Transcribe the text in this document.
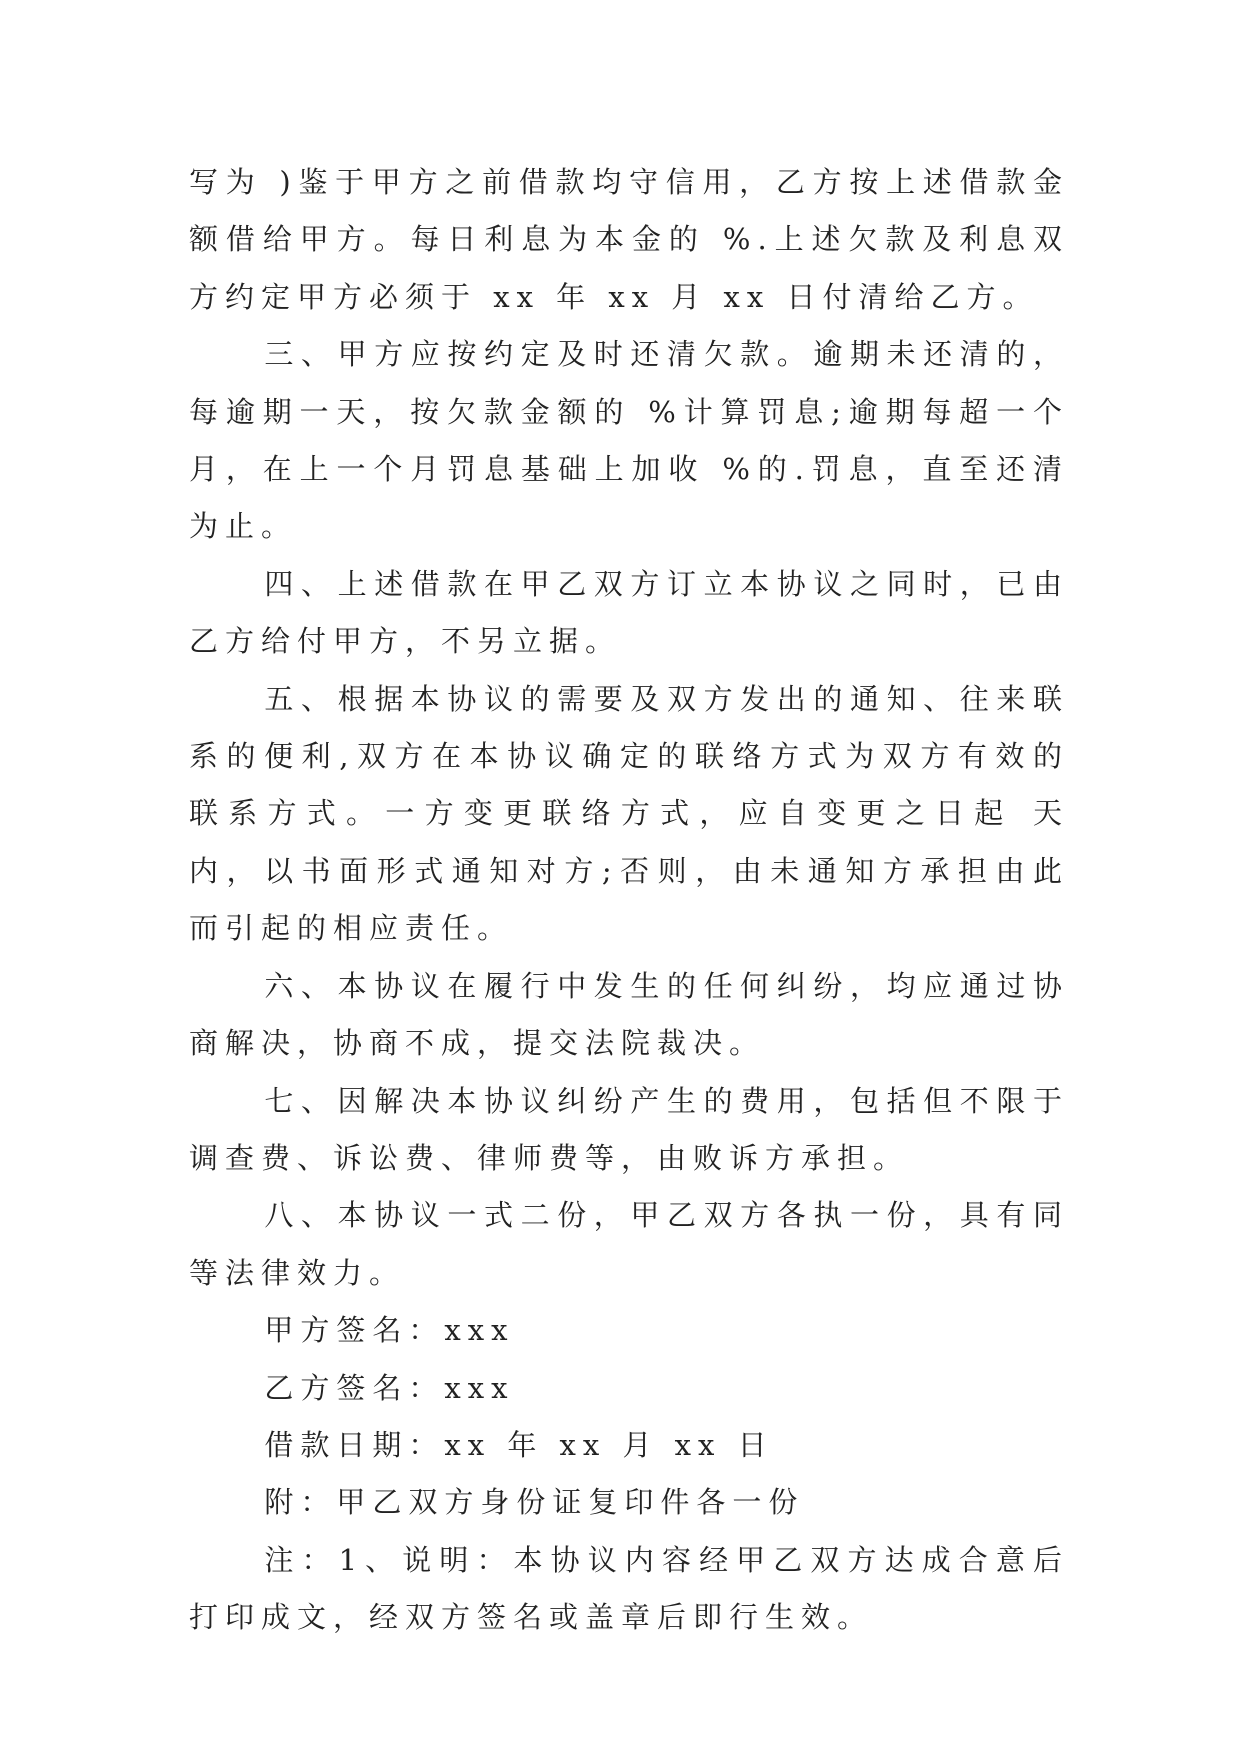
写为 )鉴于甲方之前借款均守信用，乙方按上述借款金额借给甲方。每日利息为本金的 %.上述欠款及利息双方约定甲方必须于 xx 年 xx 月 xx 日付清给乙方。

三、甲方应按约定及时还清欠款。逾期未还清的，每逾期一天，按欠款金额的 %计算罚息;逾期每超一个月，在上一个月罚息基础上加收 %的.罚息，直至还清为止。

四、上述借款在甲乙双方订立本协议之同时，已由乙方给付甲方，不另立据。

五、根据本协议的需要及双方发出的通知、往来联系的便利,双方在本协议确定的联络方式为双方有效的联系方式。一方变更联络方式，应自变更之日起 天内，以书面形式通知对方;否则，由未通知方承担由此而引起的相应责任。

六、本协议在履行中发生的任何纠纷，均应通过协商解决，协商不成，提交法院裁决。

七、因解决本协议纠纷产生的费用，包括但不限于调查费、诉讼费、律师费等，由败诉方承担。

八、本协议一式二份，甲乙双方各执一份，具有同等法律效力。

甲方签名：xxx

乙方签名：xxx

借款日期：xx 年 xx 月 xx 日

附：甲乙双方身份证复印件各一份

注：1、说明：本协议内容经甲乙双方达成合意后打印成文，经双方签名或盖章后即行生效。
